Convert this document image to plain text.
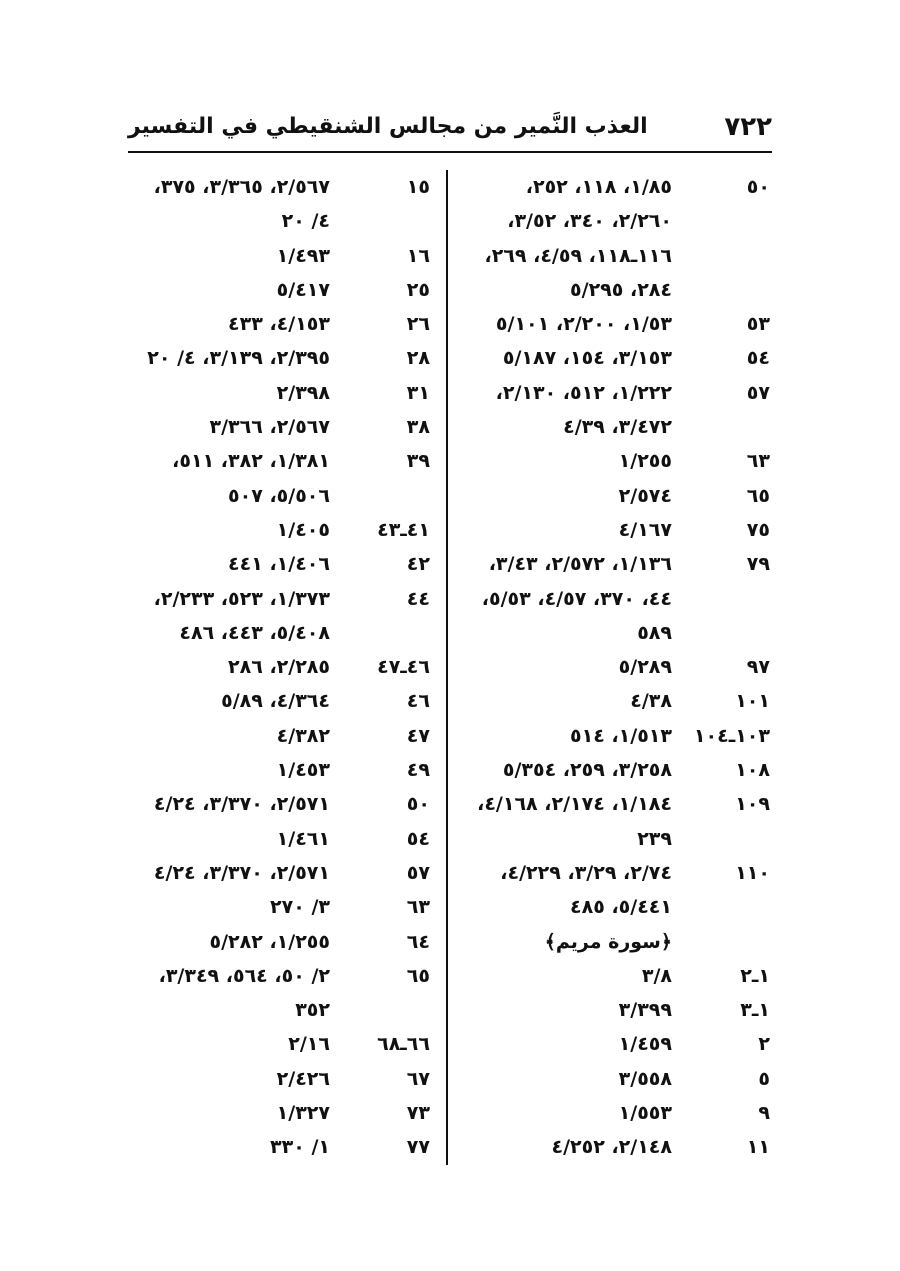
٧٢٢
العذب النَّمير من مجالس الشنقيطي في التفسير
٥٠
١/٨٥، ١١٨، ٢٥٢،
٢/٢٦٠، ٣٤٠، ٣/٥٢،
١١٦ـ١١٨، ٤/٥٩، ٢٦٩،
٢٨٤، ٥/٢٩٥
٥٣
١/٥٣، ٢/٢٠٠، ٥/١٠١
٥٤
٣/١٥٣، ١٥٤، ٥/١٨٧
٥٧
١/٢٢٢، ٥١٢، ٢/١٣٠،
٣/٤٧٢، ٤/٣٩
٦٣
١/٢٥٥
٦٥
٢/٥٧٤
٧٥
٤/١٦٧
٧٩
١/١٣٦، ٢/٥٧٢، ٣/٤٣،
٤٤، ٣٧٠، ٤/٥٧، ٥/٥٣،
٥٨٩
٩٧
٥/٢٨٩
١٠١
٤/٣٨
١٠٣ـ١٠٤
١/٥١٣، ٥١٤
١٠٨
٣/٢٥٨، ٢٥٩، ٥/٣٥٤
١٠٩
١/١٨٤، ٢/١٧٤، ٤/١٦٨،
٢٣٩
١١٠
٢/٧٤، ٣/٢٩، ٤/٢٢٩،
٥/٤٤١، ٤٨٥
﴿سورة مريم﴾
١ـ٢
٣/٨
١ـ٣
٣/٣٩٩
٢
١/٤٥٩
٥
٣/٥٥٨
٩
١/٥٥٣
١١
٢/١٤٨، ٤/٢٥٢
١٥
٢/٥٦٧، ٣/٣٦٥، ٣٧٥،
٤/ ٢٠
١٦
١/٤٩٣
٢٥
٥/٤١٧
٢٦
٤/١٥٣، ٤٣٣
٢٨
٢/٣٩٥، ٣/١٣٩، ٤/ ٢٠
٣١
٢/٣٩٨
٣٨
٢/٥٦٧، ٣/٣٦٦
٣٩
١/٣٨١، ٣٨٢، ٥١١،
٥/٥٠٦، ٥٠٧
٤١ـ٤٣
١/٤٠٥
٤٢
١/٤٠٦، ٤٤١
٤٤
١/٣٧٣، ٥٢٣، ٢/٢٣٣،
٥/٤٠٨، ٤٤٣، ٤٨٦
٤٦ـ٤٧
٢/٢٨٥، ٢٨٦
٤٦
٤/٣٦٤، ٥/٨٩
٤٧
٤/٣٨٢
٤٩
١/٤٥٣
٥٠
٢/٥٧١، ٣/٣٧٠، ٤/٢٤
٥٤
١/٤٦١
٥٧
٢/٥٧١، ٣/٣٧٠، ٤/٢٤
٦٣
٣/ ٢٧٠
٦٤
١/٢٥٥، ٥/٢٨٢
٦٥
٢/ ٥٠، ٥٦٤، ٣/٣٤٩،
٣٥٢
٦٦ـ٦٨
٢/١٦
٦٧
٢/٤٢٦
٧٣
١/٣٢٧
٧٧
١/ ٣٣٠
